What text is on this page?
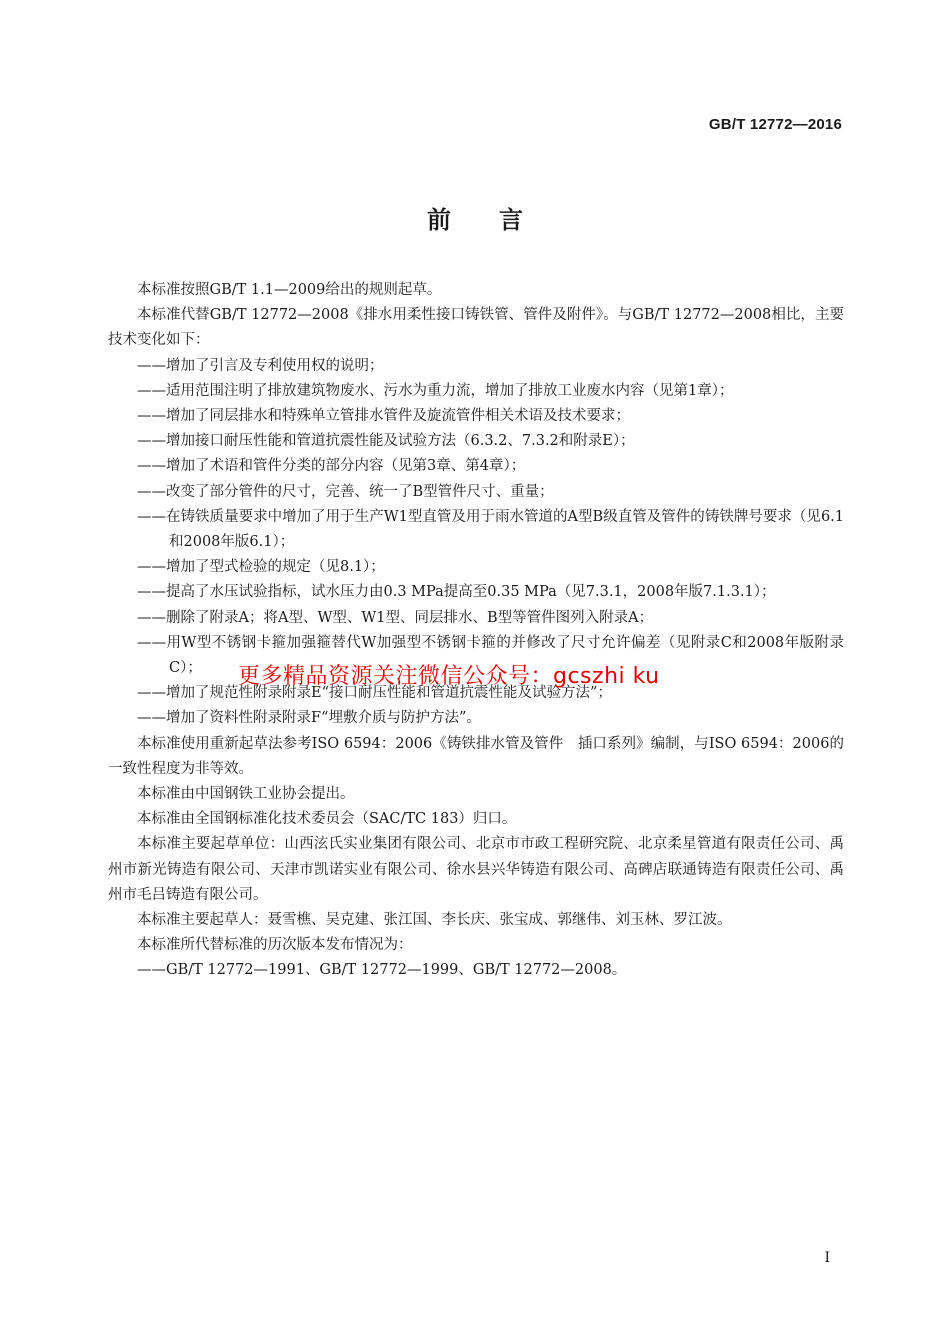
GB/T 12772—2016
前言

本标准按照GB/T 1.1—2009给出的规则起草。

本标准代替GB/T 12772—2008《排水用柔性接口铸铁管、管件及附件》。与GB/T 12772—2008相比，主要技术变化如下：

——增加了引言及专利使用权的说明；

——适用范围注明了排放建筑物废水、污水为重力流，增加了排放工业废水内容（见第1章）；

——增加了同层排水和特殊单立管排水管件及旋流管件相关术语及技术要求；

——增加接口耐压性能和管道抗震性能及试验方法（6.3.2、7.3.2和附录E）；

——增加了术语和管件分类的部分内容（见第3章、第4章）；

——改变了部分管件的尺寸，完善、统一了B型管件尺寸、重量；

——在铸铁质量要求中增加了用于生产W1型直管及用于雨水管道的A型B级直管及管件的铸铁牌号要求（见6.1和2008年版6.1）；

——增加了型式检验的规定（见8.1）；

——提高了水压试验指标，试水压力由0.3 MPa提高至0.35 MPa（见7.3.1，2008年版7.1.3.1）；

——删除了附录A；将A型、W型、W1型、同层排水、B型等管件图列入附录A；

——用W型不锈钢卡箍加强箍替代W加强型不锈钢卡箍的并修改了尺寸允许偏差（见附录C和2008年版附录C）；

——增加了规范性附录附录E“接口耐压性能和管道抗震性能及试验方法”；

——增加了资料性附录附录F“埋敷介质与防护方法”。

本标准使用重新起草法参考ISO 6594：2006《铸铁排水管及管件　插口系列》编制，与ISO 6594：2006的一致性程度为非等效。

本标准由中国钢铁工业协会提出。

本标准由全国钢标准化技术委员会（SAC/TC 183）归口。

本标准主要起草单位：山西泫氏实业集团有限公司、北京市市政工程研究院、北京柔星管道有限责任公司、禹州市新光铸造有限公司、天津市凯诺实业有限公司、徐水县兴华铸造有限公司、高碑店联通铸造有限责任公司、禹州市毛吕铸造有限公司。

本标准主要起草人：聂雪樵、吴克建、张江国、李长庆、张宝成、郭继伟、刘玉林、罗江波。

本标准所代替标准的历次版本发布情况为：

——GB/T 12772—1991、GB/T 12772—1999、GB/T 12772—2008。

更多精品资源关注微信公众号：gcszhi ku
I
